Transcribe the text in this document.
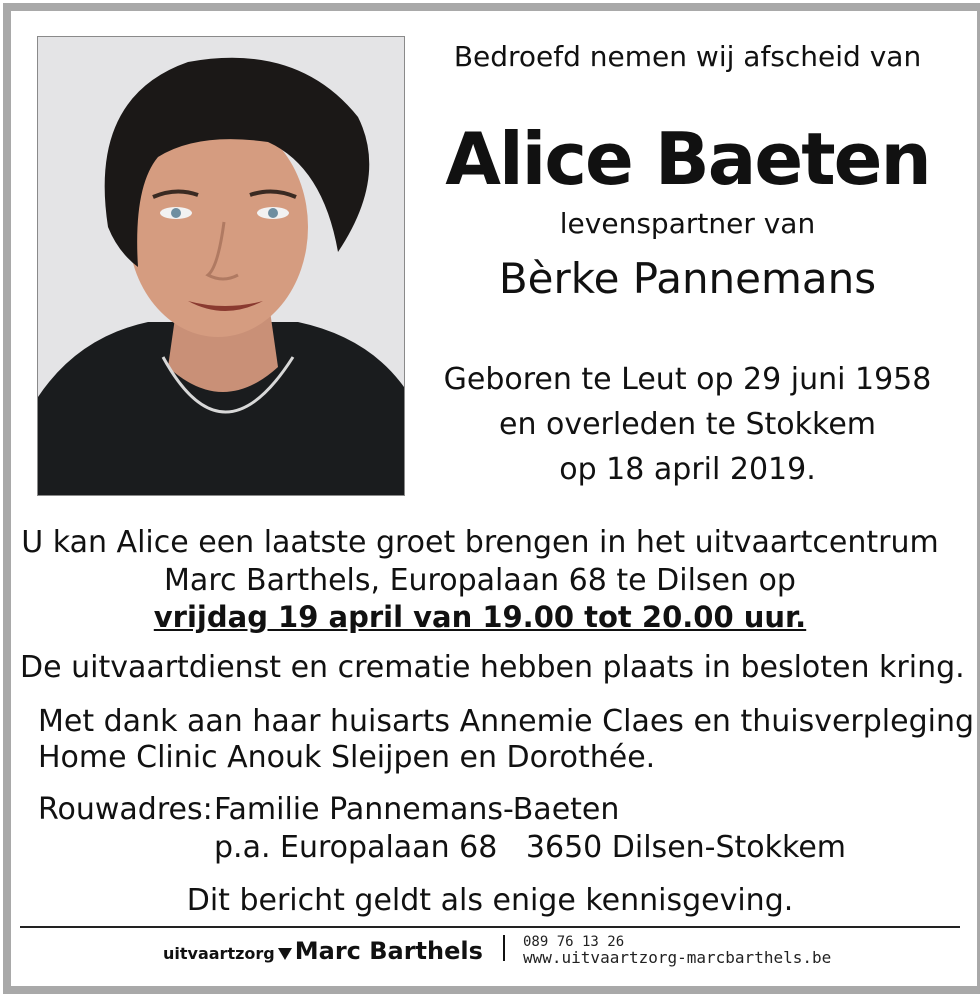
Bedroefd nemen wij afscheid van
Alice Baeten
levenspartner van
Bèrke Pannemans
Geboren te Leut op 29 juni 1958
en overleden te Stokkem
op 18 april 2019.
U kan Alice een laatste groet brengen in het uitvaartcentrum
Marc Barthels, Europalaan 68 te Dilsen op
vrijdag 19 april van 19.00 tot 20.00 uur.
De uitvaartdienst en crematie hebben plaats in besloten kring.
Met dank aan haar huisarts Annemie Claes en thuisverpleging
Home Clinic Anouk Sleijpen en Dorothée.
Rouwadres: Familie Pannemans-Baeten
p.a. Europalaan 68 3650 Dilsen-Stokkem
Dit bericht geldt als enige kennisgeving.
uitvaartzorg Marc Barthels	089 76 13 26
www.uitvaartzorg-marcbarthels.be
